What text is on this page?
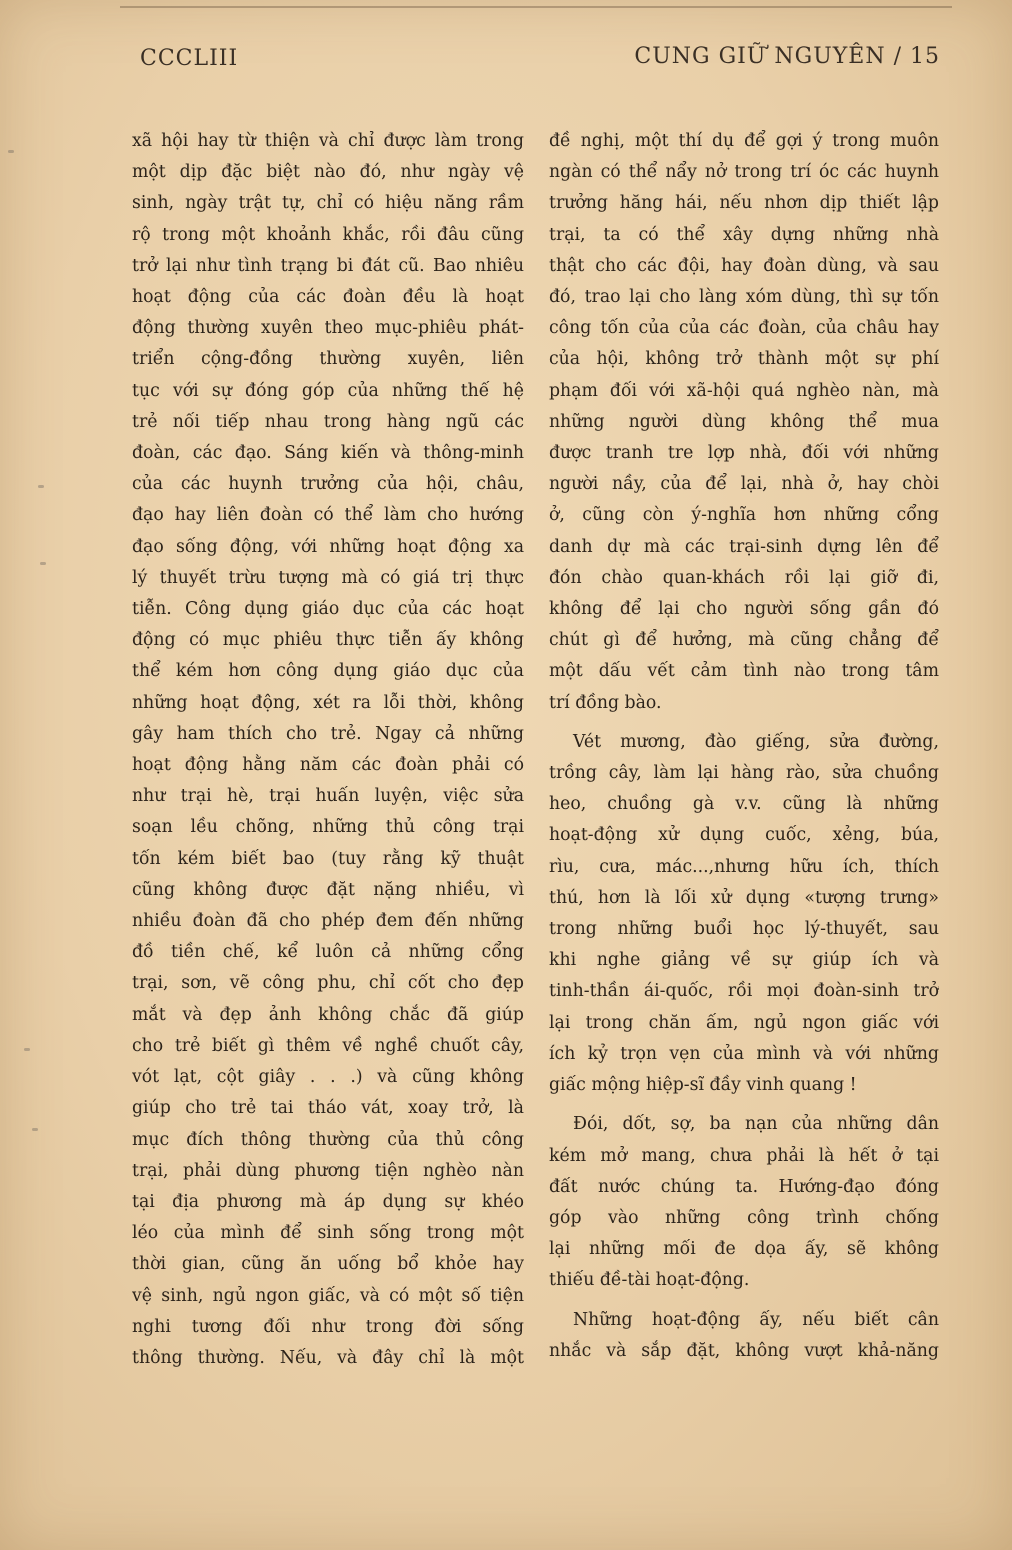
CCCLIII	CUNG GIỮ NGUYÊN / 15
xã hội hay từ thiện và chỉ được làm trong
một dịp đặc biệt nào đó, như ngày vệ
sinh, ngày trật tự, chỉ có hiệu năng rầm
rộ trong một khoảnh khắc, rồi đâu cũng
trở lại như tình trạng bi đát cũ. Bao nhiêu
hoạt động của các đoàn đều là hoạt
động thường xuyên theo mục-phiêu phát-
triển cộng-đồng thường xuyên, liên
tục với sự đóng góp của những thế hệ
trẻ nối tiếp nhau trong hàng ngũ các
đoàn, các đạo. Sáng kiến và thông-minh
của các huynh trưởng của hội, châu,
đạo hay liên đoàn có thể làm cho hướng
đạo sống động, với những hoạt động xa
lý thuyết trừu tượng mà có giá trị thực
tiễn. Công dụng giáo dục của các hoạt
động có mục phiêu thực tiễn ấy không
thể kém hơn công dụng giáo dục của
những hoạt động, xét ra lỗi thời, không
gây ham thích cho trẻ. Ngay cả những
hoạt động hằng năm các đoàn phải có
như trại hè, trại huấn luyện, việc sửa
soạn lều chõng, những thủ công trại
tốn kém biết bao (tuy rằng kỹ thuật
cũng không được đặt nặng nhiều, vì
nhiều đoàn đã cho phép đem đến những
đồ tiền chế, kể luôn cả những cổng
trại, sơn, vẽ công phu, chỉ cốt cho đẹp
mắt và đẹp ảnh không chắc đã giúp
cho trẻ biết gì thêm về nghề chuốt cây,
vót lạt, cột giây . . .) và cũng không
giúp cho trẻ tai tháo vát, xoay trở, là
mục đích thông thường của thủ công
trại, phải dùng phương tiện nghèo nàn
tại địa phương mà áp dụng sự khéo
léo của mình để sinh sống trong một
thời gian, cũng ăn uống bổ khỏe hay
vệ sinh, ngủ ngon giấc, và có một số tiện
nghi tương đối như trong đời sống
thông thường. Nếu, và đây chỉ là một
đề nghị, một thí dụ để gợi ý trong muôn
ngàn có thể nẩy nở trong trí óc các huynh
trưởng hăng hái, nếu nhơn dịp thiết lập
trại, ta có thể xây dựng những nhà
thật cho các đội, hay đoàn dùng, và sau
đó, trao lại cho làng xóm dùng, thì sự tốn
công tốn của của các đoàn, của châu hay
của hội, không trở thành một sự phí
phạm đối với xã-hội quá nghèo nàn, mà
những người dùng không thể mua
được tranh tre lợp nhà, đối với những
người nầy, của để lại, nhà ở, hay chòi
ở, cũng còn ý-nghĩa hơn những cổng
danh dự mà các trại-sinh dựng lên để
đón chào quan-khách rồi lại giỡ đi,
không để lại cho người sống gần đó
chút gì để hưởng, mà cũng chẳng để
một dấu vết cảm tình nào trong tâm
trí đồng bào.
Vét mương, đào giếng, sửa đường,
trồng cây, làm lại hàng rào, sửa chuồng
heo, chuồng gà v.v. cũng là những
hoạt-động xử dụng cuốc, xẻng, búa,
rìu, cưa, mác...,nhưng hữu ích, thích
thú, hơn là lối xử dụng «tượng trưng»
trong những buổi học lý-thuyết, sau
khi nghe giảng về sự giúp ích và
tinh-thần ái-quốc, rồi mọi đoàn-sinh trở
lại trong chăn ấm, ngủ ngon giấc với
ích kỷ trọn vẹn của mình và với những
giấc mộng hiệp-sĩ đầy vinh quang !
Đói, dốt, sợ, ba nạn của những dân
kém mở mang, chưa phải là hết ở tại
đất nước chúng ta. Hướng-đạo đóng
góp vào những công trình chống
lại những mối đe dọa ấy, sẽ không
thiếu đề-tài hoạt-động.
Những hoạt-động ấy, nếu biết cân
nhắc và sắp đặt, không vượt khả-năng
